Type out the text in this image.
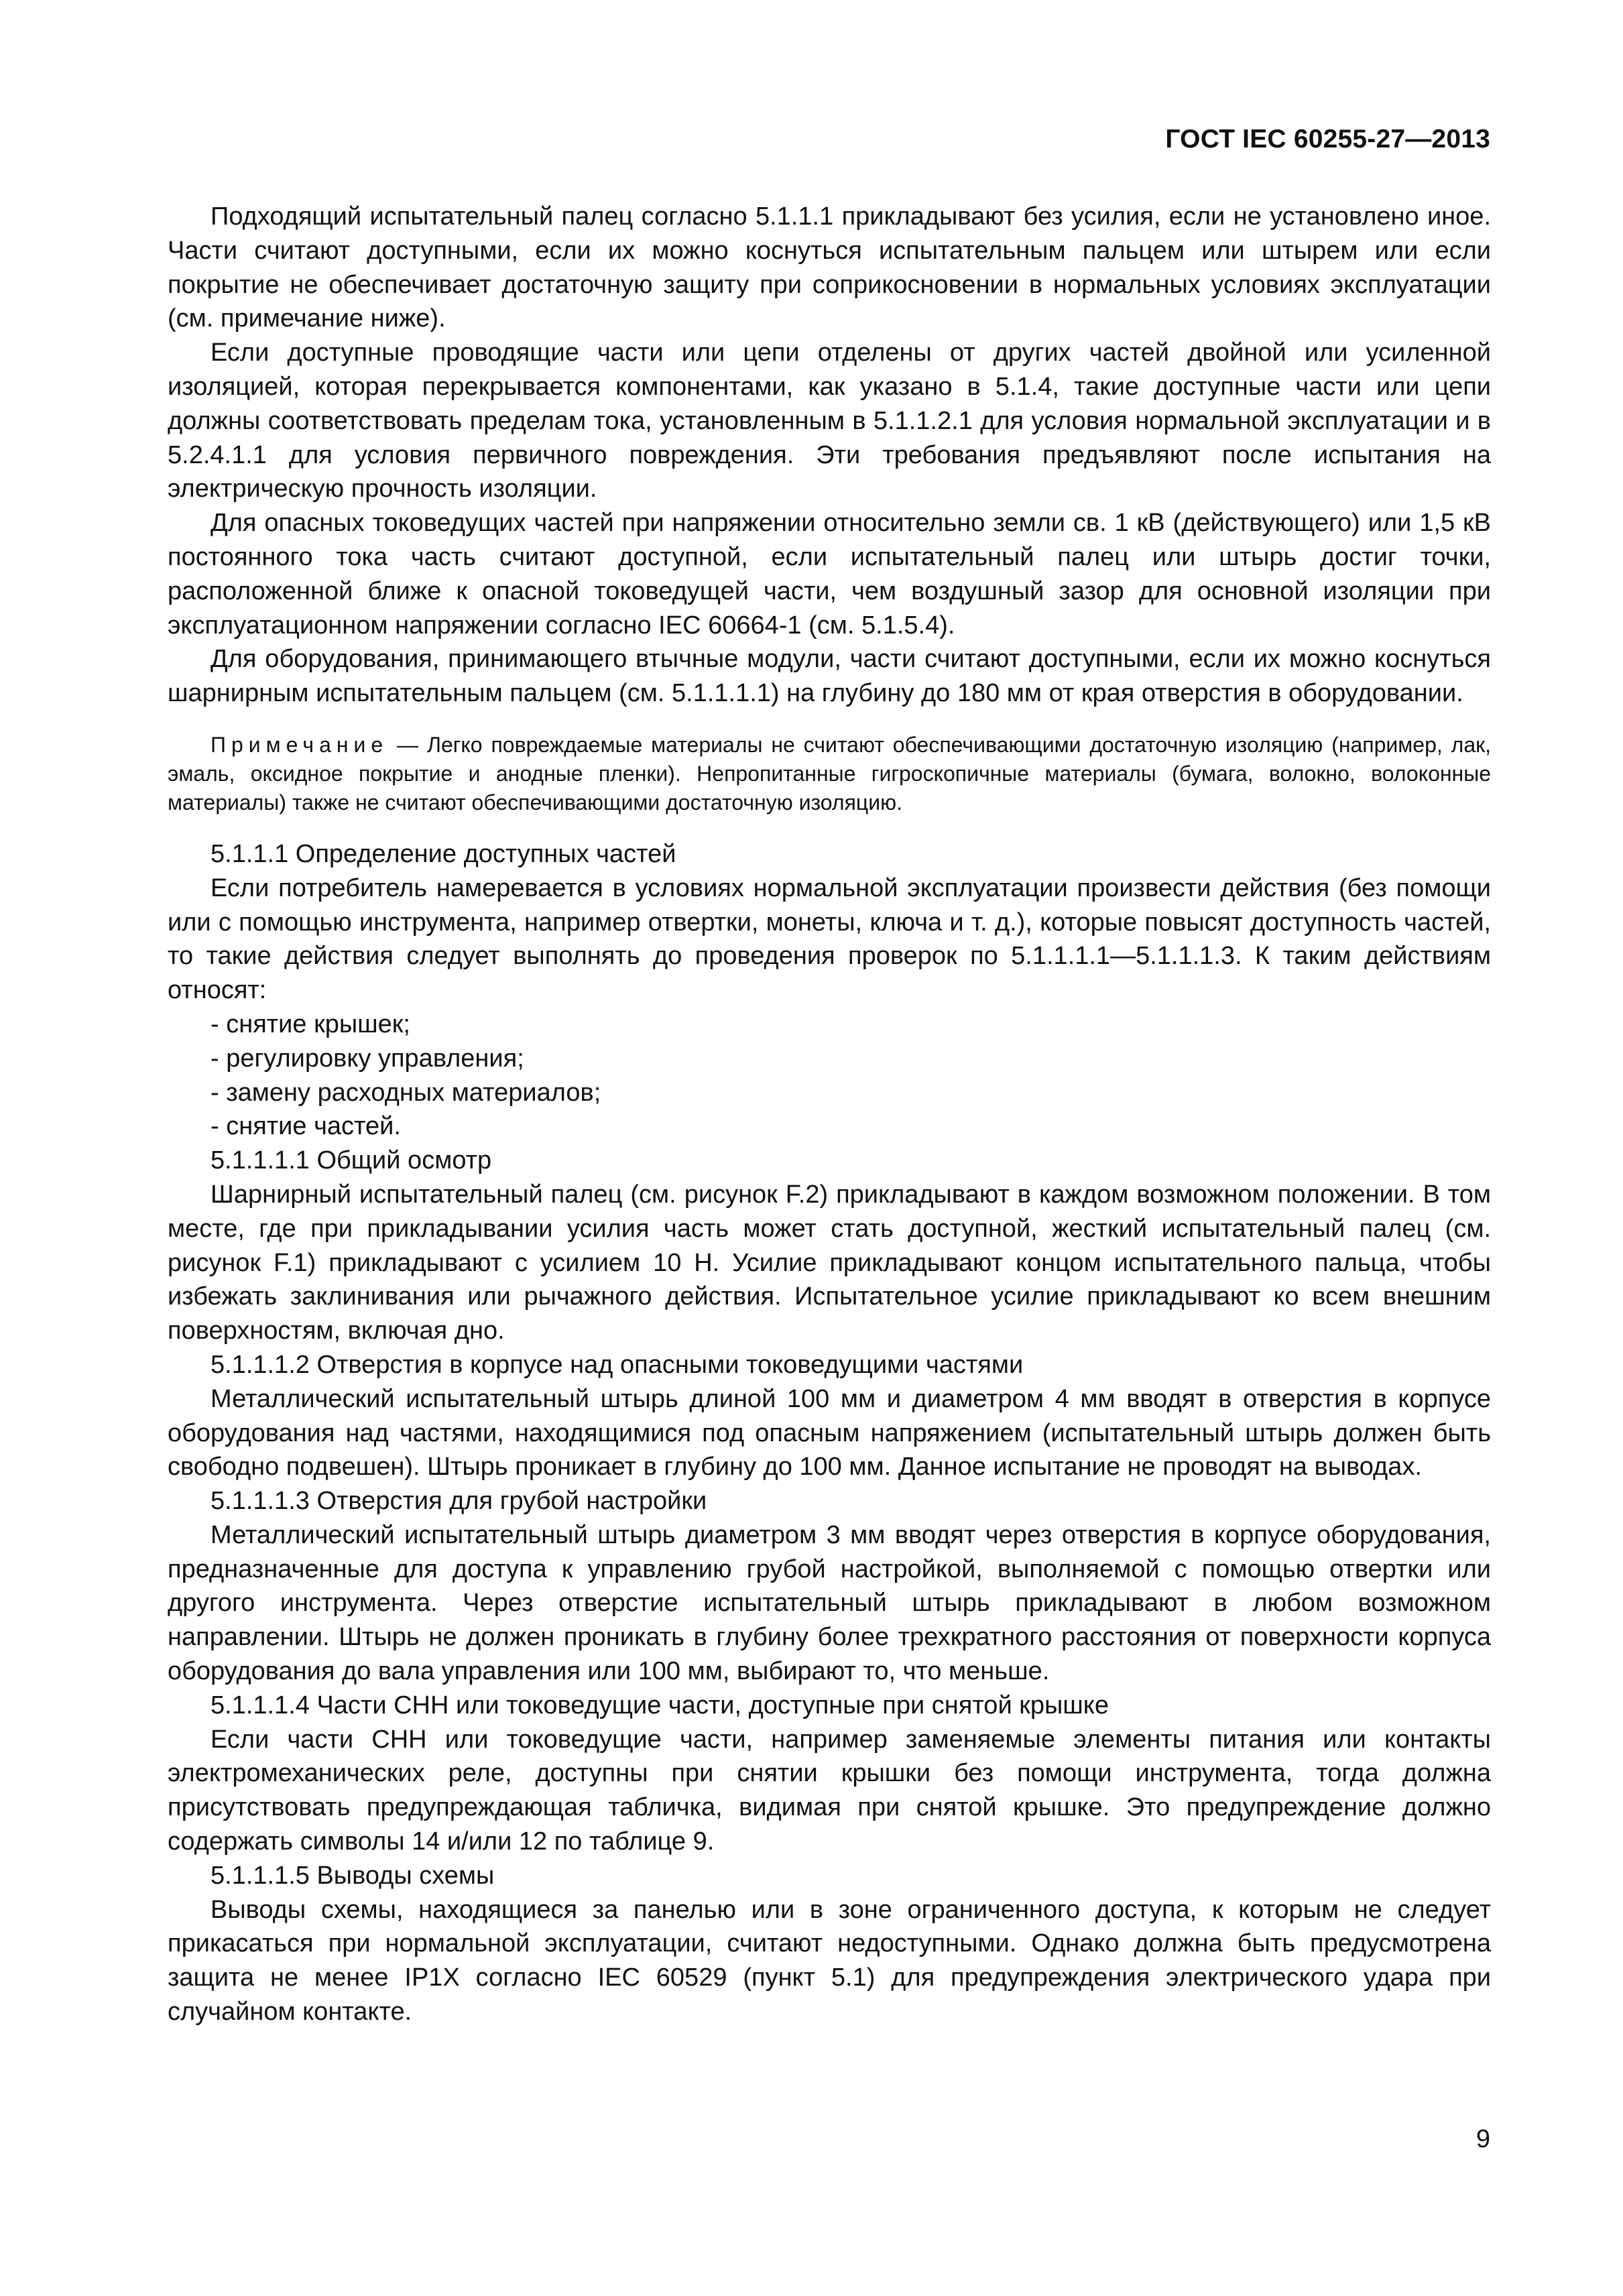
ГОСТ IEC 60255-27—2013

Подходящий испытательный палец согласно 5.1.1.1 прикладывают без усилия, если не установлено иное. Части считают доступными, если их можно коснуться испытательным пальцем или штырем или если покрытие не обеспечивает достаточную защиту при соприкосновении в нормальных условиях эксплуатации (см. примечание ниже).

Если доступные проводящие части или цепи отделены от других частей двойной или усиленной изоляцией, которая перекрывается компонентами, как указано в 5.1.4, такие доступные части или цепи должны соответствовать пределам тока, установленным в 5.1.1.2.1 для условия нормальной эксплуатации и в 5.2.4.1.1 для условия первичного повреждения. Эти требования предъявляют после испытания на электрическую прочность изоляции.

Для опасных токоведущих частей при напряжении относительно земли св. 1 кВ (действующего) или 1,5 кВ постоянного тока часть считают доступной, если испытательный палец или штырь достиг точки, расположенной ближе к опасной токоведущей части, чем воздушный зазор для основной изоляции при эксплуатационном напряжении согласно IEC 60664-1 (см. 5.1.5.4).

Для оборудования, принимающего втычные модули, части считают доступными, если их можно коснуться шарнирным испытательным пальцем (см. 5.1.1.1.1) на глубину до 180 мм от края отверстия в оборудовании.

Примечание — Легко повреждаемые материалы не считают обеспечивающими достаточную изоляцию (например, лак, эмаль, оксидное покрытие и анодные пленки). Непропитанные гигроскопичные материалы (бумага, волокно, волоконные материалы) также не считают обеспечивающими достаточную изоляцию.

5.1.1.1 Определение доступных частей

Если потребитель намеревается в условиях нормальной эксплуатации произвести действия (без помощи или с помощью инструмента, например отвертки, монеты, ключа и т. д.), которые повысят доступность частей, то такие действия следует выполнять до проведения проверок по 5.1.1.1.1—5.1.1.1.3. К таким действиям относят:

- снятие крышек;

- регулировку управления;

- замену расходных материалов;

- снятие частей.

5.1.1.1.1 Общий осмотр

Шарнирный испытательный палец (см. рисунок F.2) прикладывают в каждом возможном положении. В том месте, где при прикладывании усилия часть может стать доступной, жесткий испытательный палец (см. рисунок F.1) прикладывают с усилием 10 Н. Усилие прикладывают концом испытательного пальца, чтобы избежать заклинивания или рычажного действия. Испытательное усилие прикладывают ко всем внешним поверхностям, включая дно.

5.1.1.1.2 Отверстия в корпусе над опасными токоведущими частями

Металлический испытательный штырь длиной 100 мм и диаметром 4 мм вводят в отверстия в корпусе оборудования над частями, находящимися под опасным напряжением (испытательный штырь должен быть свободно подвешен). Штырь проникает в глубину до 100 мм. Данное испытание не проводят на выводах.

5.1.1.1.3 Отверстия для грубой настройки

Металлический испытательный штырь диаметром 3 мм вводят через отверстия в корпусе оборудования, предназначенные для доступа к управлению грубой настройкой, выполняемой с помощью отвертки или другого инструмента. Через отверстие испытательный штырь прикладывают в любом возможном направлении. Штырь не должен проникать в глубину более трехкратного расстояния от поверхности корпуса оборудования до вала управления или 100 мм, выбирают то, что меньше.

5.1.1.1.4 Части СНН или токоведущие части, доступные при снятой крышке

Если части СНН или токоведущие части, например заменяемые элементы питания или контакты электромеханических реле, доступны при снятии крышки без помощи инструмента, тогда должна присутствовать предупреждающая табличка, видимая при снятой крышке. Это предупреждение должно содержать символы 14 и/или 12 по таблице 9.

5.1.1.1.5 Выводы схемы

Выводы схемы, находящиеся за панелью или в зоне ограниченного доступа, к которым не следует прикасаться при нормальной эксплуатации, считают недоступными. Однако должна быть предусмотрена защита не менее IP1X согласно IEC 60529 (пункт 5.1) для предупреждения электрического удара при случайном контакте.

9
